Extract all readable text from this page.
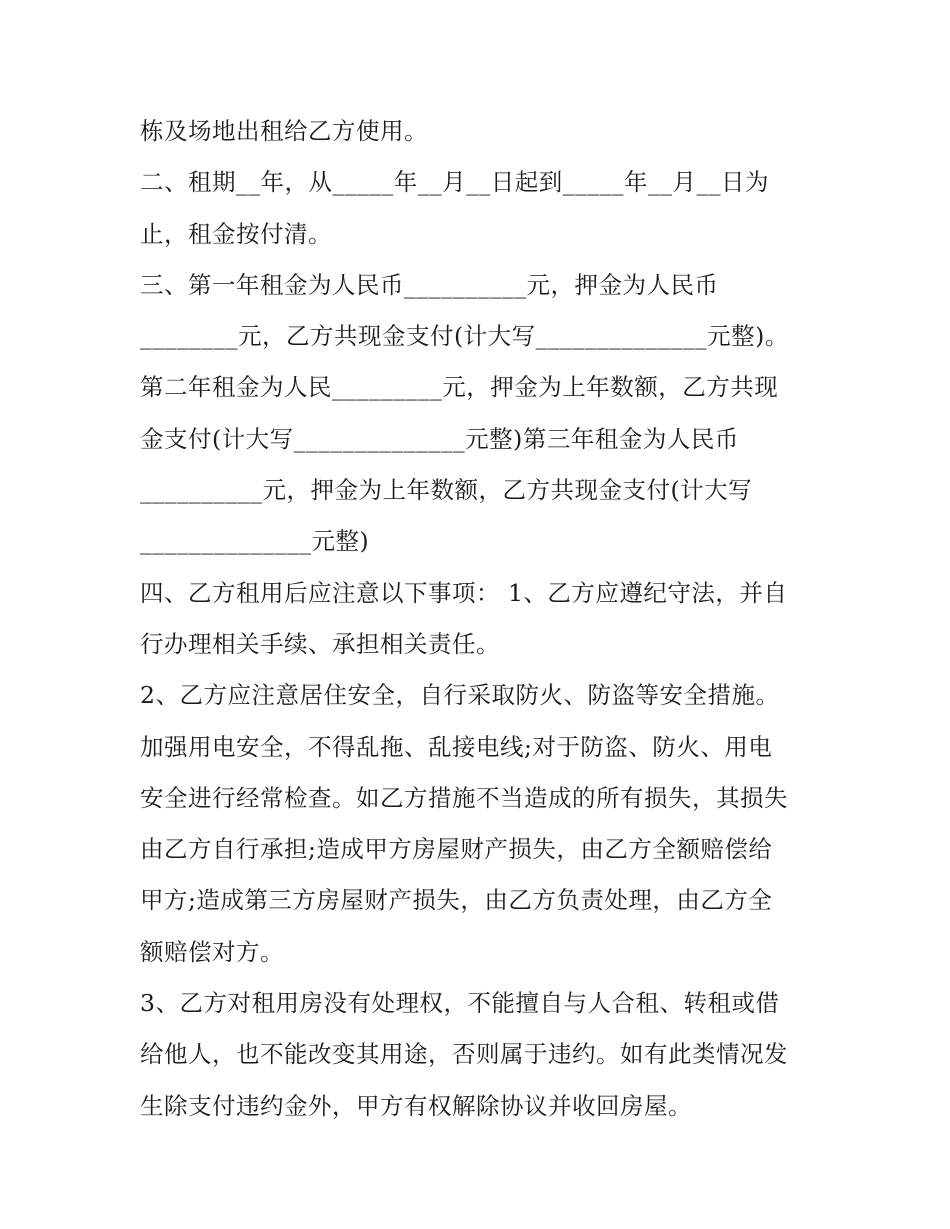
栋及场地出租给乙方使用。
二、租期__年，从_____年__月__日起到_____年__月__日为
止，租金按付清。
三、第一年租金为人民币__________元，押金为人民币
________元，乙方共现金支付(计大写______________元整)。
第二年租金为人民_________元，押金为上年数额，乙方共现
金支付(计大写______________元整)第三年租金为人民币
__________元，押金为上年数额，乙方共现金支付(计大写
______________元整)
四、乙方租用后应注意以下事项： 1、乙方应遵纪守法，并自
行办理相关手续、承担相关责任。
2、乙方应注意居住安全，自行采取防火、防盗等安全措施。
加强用电安全，不得乱拖、乱接电线;对于防盗、防火、用电
安全进行经常检查。如乙方措施不当造成的所有损失，其损失
由乙方自行承担;造成甲方房屋财产损失，由乙方全额赔偿给
甲方;造成第三方房屋财产损失，由乙方负责处理，由乙方全
额赔偿对方。
3、乙方对租用房没有处理权，不能擅自与人合租、转租或借
给他人，也不能改变其用途，否则属于违约。如有此类情况发
生除支付违约金外，甲方有权解除协议并收回房屋。
